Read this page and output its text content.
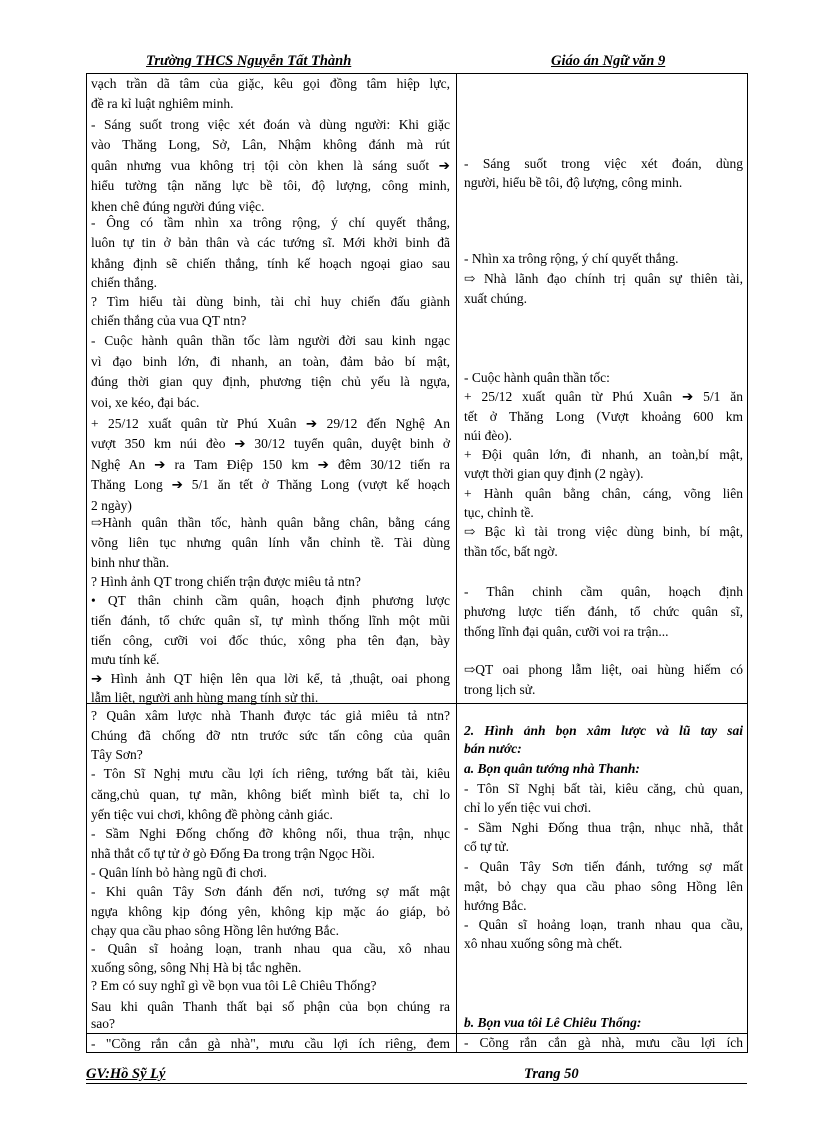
Trường THCS Nguyễn Tất Thành	Giáo án Ngữ văn 9
vạch trần dã tâm của giặc, kêu gọi đồng tâm hiệp lực,
đề ra kỉ luật nghiêm minh.
- Sáng suốt trong việc xét đoán và dùng người: Khi giặc
vào Thăng Long, Sở, Lân, Nhậm không đánh mà rút
quân nhưng vua không trị tội còn khen là sáng suốt ➔
hiểu tường tận năng lực bề tôi, độ lượng, công minh,
khen chê đúng người đúng việc.
- Ông có tầm nhìn xa trông rộng, ý chí quyết thắng,
luôn tự tin ở bản thân và các tướng sĩ. Mới khởi binh đã
khẳng định sẽ chiến thắng, tính kế hoạch ngoại giao sau
chiến thắng.
? Tìm hiểu tài dùng binh, tài chỉ huy chiến đấu giành
chiến thắng của vua QT ntn?
- Cuộc hành quân thần tốc làm người đời sau kinh ngạc
vì đạo binh lớn, đi nhanh, an toàn, đảm bảo bí mật,
đúng thời gian quy định, phương tiện chủ yếu là ngựa,
voi, xe kéo, đại bác.
+ 25/12 xuất quân từ Phú Xuân ➔ 29/12 đến Nghệ An
vượt 350 km núi đèo ➔ 30/12 tuyển quân, duyệt binh ở
Nghệ An ➔ ra Tam Điệp 150 km ➔ đêm 30/12 tiến ra
Thăng Long ➔ 5/1 ăn tết ở Thăng Long (vượt kế hoạch
2 ngày)
⇨Hành quân thần tốc, hành quân bằng chân, bằng cáng
võng liên tục nhưng quân lính vẫn chỉnh tề. Tài dùng
binh như thần.
? Hình ảnh QT trong chiến trận được miêu tả ntn?
• QT thân chinh cầm quân, hoạch định phương lược
tiến đánh, tổ chức quân sĩ, tự mình thống lĩnh một mũi
tiến công, cưỡi voi đốc thúc, xông pha tên đạn, bày
mưu tính kế.
➔ Hình ảnh QT hiện lên qua lời kể, tả ,thuật, oai phong
lẫm liệt, người anh hùng mang tính sử thi.
? Quân xâm lược nhà Thanh được tác giả miêu tả ntn?
Chúng đã chống đỡ ntn trước sức tấn công của quân
Tây Sơn?
- Tôn Sĩ Nghị mưu cầu lợi ích riêng, tướng bất tài, kiêu
căng,chủ quan, tự mãn, không biết mình biết ta, chỉ lo
yến tiệc vui chơi, không đề phòng cảnh giác.
- Sầm Nghi Đống chống đỡ không nổi, thua trận, nhục
nhã thắt cổ tự tử ở gò Đống Đa trong trận Ngọc Hồi.
- Quân lính bỏ hàng ngũ đi chơi.
- Khi quân Tây Sơn đánh đến nơi, tướng sợ mất mật
ngựa không kịp đóng yên, không kịp mặc áo giáp, bỏ
chạy qua cầu phao sông Hồng lên hướng Bắc.
- Quân sĩ hoảng loạn, tranh nhau qua cầu, xô nhau
xuống sông, sông Nhị Hà bị tắc nghẽn.
? Em có suy nghĩ gì về bọn vua tôi Lê Chiêu Thống?
Sau khi quân Thanh thất bại số phận của bọn chúng ra
sao?
- "Cõng rắn cắn gà nhà", mưu cầu lợi ích riêng, đem
- Sáng suốt trong việc xét đoán, dùng
người, hiểu bề tôi, độ lượng, công minh.
- Nhìn xa trông rộng, ý chí quyết thắng.
⇨ Nhà lãnh đạo chính trị quân sự thiên tài,
xuất chúng.
- Cuộc hành quân thần tốc:
+ 25/12 xuất quân từ Phú Xuân ➔ 5/1 ăn
tết ở Thăng Long (Vượt khoảng 600 km
núi đèo).
+ Đội quân lớn, đi nhanh, an toàn,bí mật,
vượt thời gian quy định (2 ngày).
+ Hành quân bằng chân, cáng, võng liên
tục, chỉnh tề.
⇨ Bậc kì tài trong việc dùng binh, bí mật,
thần tốc, bất ngờ.
- Thân chinh cầm quân, hoạch định
phương lược tiến đánh, tổ chức quân sĩ,
thống lĩnh đại quân, cưỡi voi ra trận...
⇨QT oai phong lẫm liệt, oai hùng hiếm có
trong lịch sử.
2. Hình ảnh bọn xâm lược và lũ tay sai
bán nước:
a. Bọn quân tướng nhà Thanh:
- Tôn Sĩ Nghị bất tài, kiêu căng, chủ quan,
chỉ lo yến tiệc vui chơi.
- Sầm Nghi Đống thua trận, nhục nhã, thắt
cổ tự tử.
- Quân Tây Sơn tiến đánh, tướng sợ mất
mật, bỏ chạy qua cầu phao sông Hồng lên
hướng Bắc.
- Quân sĩ hoảng loạn, tranh nhau qua cầu,
xô nhau xuống sông mà chết.
b. Bọn vua tôi Lê Chiêu Thống:
- Cõng rắn cắn gà nhà, mưu cầu lợi ích
GV:Hồ Sỹ Lý	Trang 50
